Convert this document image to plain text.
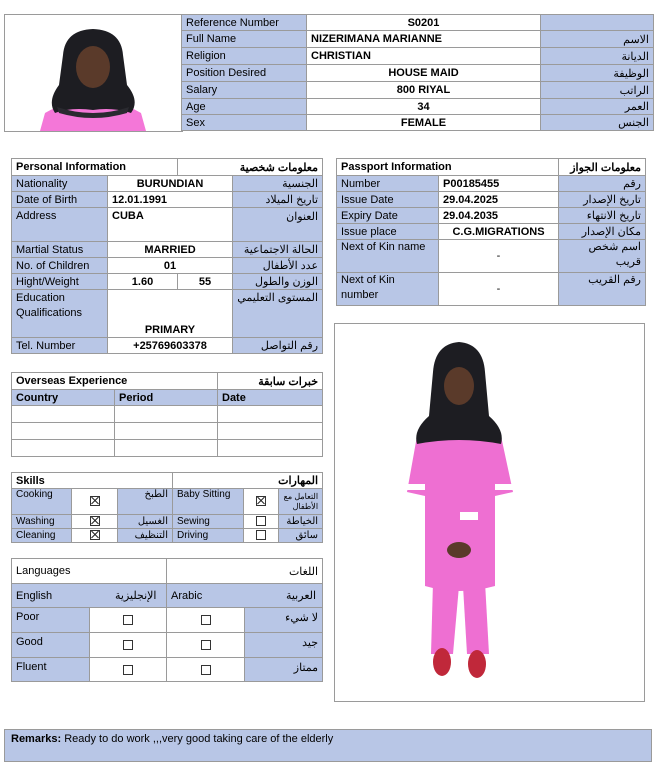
Reference Number	S0201	
Full Name	NIZERIMANA MARIANNE	الاسم
Religion	CHRISTIAN	الديانة
Position Desired	HOUSE MAID	الوظيفة
Salary	800 RIYAL	الراتب
Age	34	العمر
Sex	FEMALE	الجنس
Personal Information		معلومات شخصية	
Nationality	BURUNDIAN		الجنسية
Date of Birth	12.01.1991		تاريخ الميلاد
Address	CUBA		العنوان
Martial Status	MARRIED		الحالة الاجتماعية
No. of Children	01		عدد الأطفال
Hight/Weight	1.60	55	الوزن والطول
Education Qualifications	PRIMARY		المستوى التعليمي
Tel. Number	+25769603378		رقم التواصل
Passport Information		معلومات الجواز
Number	P00185455	رقم
Issue Date	29.04.2025	تاريخ الإصدار
Expiry Date	29.04.2035	تاريخ الانتهاء
Issue place	C.G.MIGRATIONS	مكان الإصدار
Next of Kin name	-	اسم شخص قريب
Next of Kin number	-	رقم القريب
Overseas Experience		خبرات سابقة
Country	Period	Date

Skills			المهارات		
Cooking		الطبخ	Baby Sitting		التعامل مع الأطفال
Washing		الغسيل	Sewing		الخياطة
Cleaning		التنظيف	Driving		سائق
Languages		اللغات	
English الإنجليزية		Arabic العربية	

Poor			لا شيء
Good			جيد
Fluent			ممتاز
Remarks: Ready to do work ,,,very good taking care of the elderly
